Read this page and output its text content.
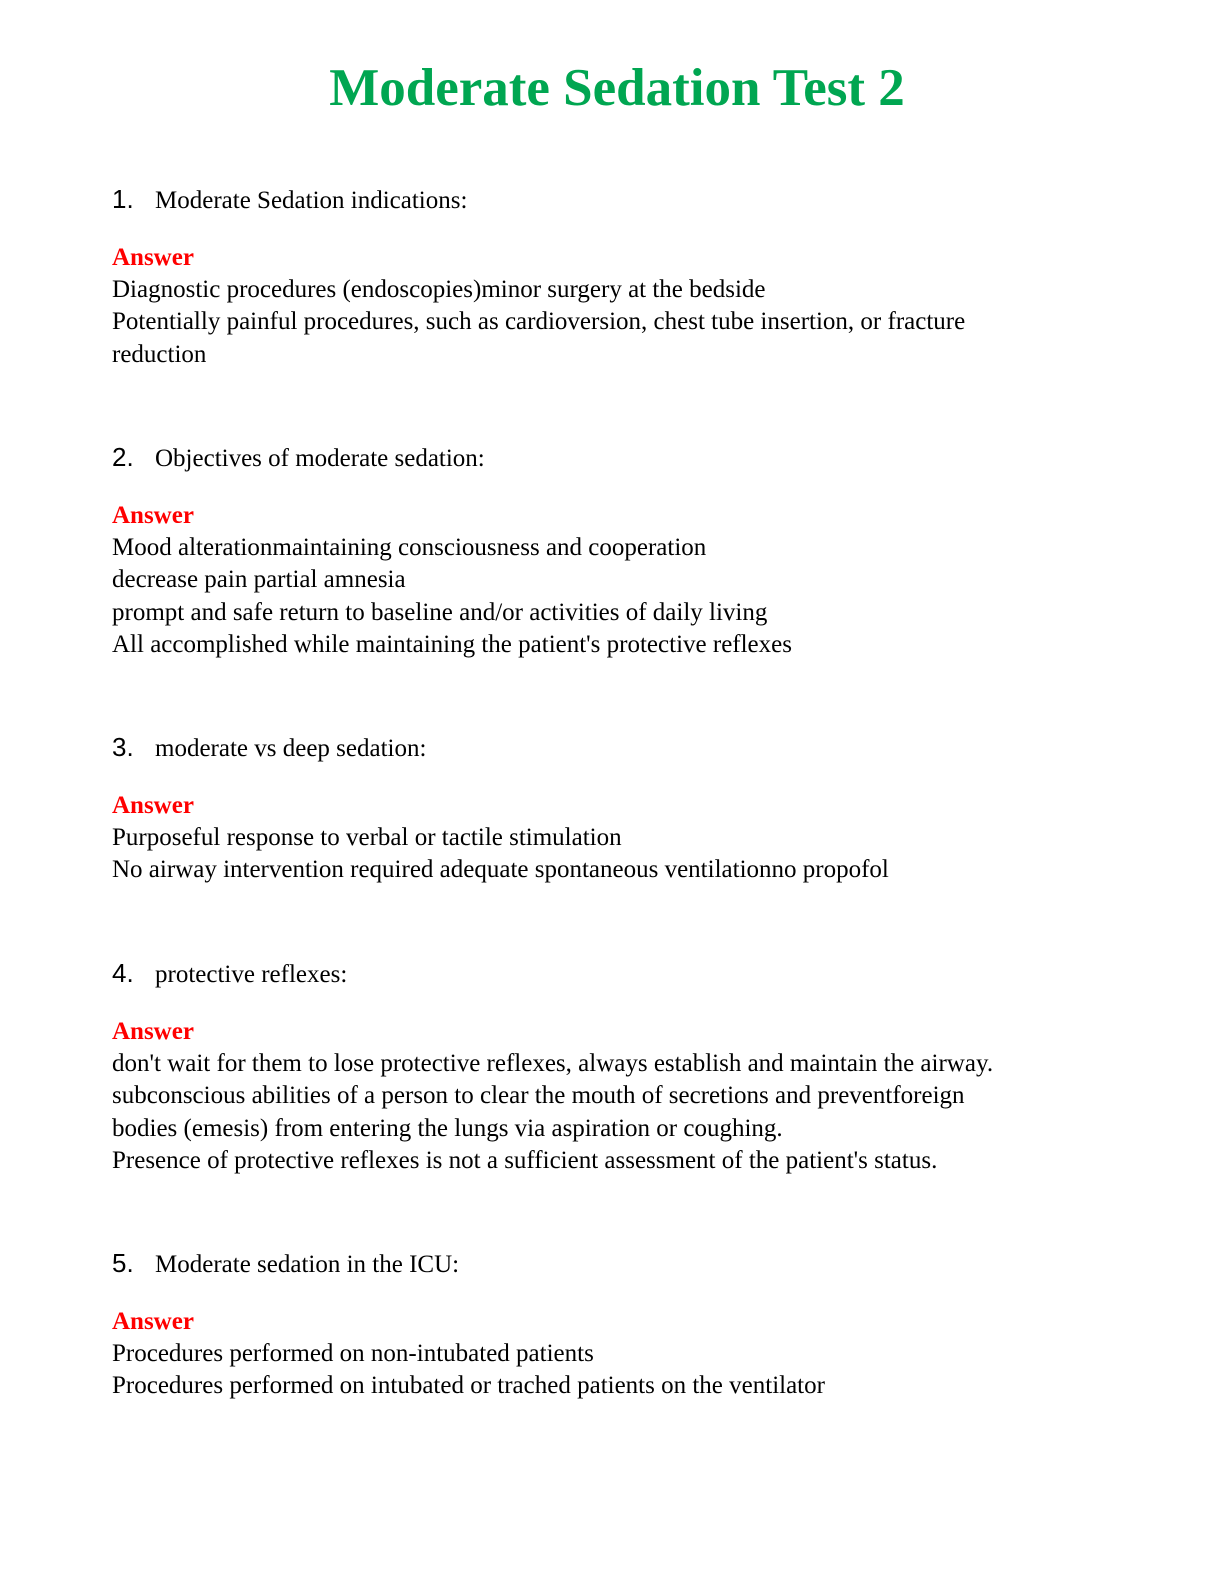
Moderate Sedation Test 2
1. Moderate Sedation indications:
Answer
Diagnostic procedures (endoscopies)minor surgery at the bedside
Potentially painful procedures, such as cardioversion, chest tube insertion, or fracture
reduction
2. Objectives of moderate sedation:
Answer
Mood alterationmaintaining consciousness and cooperation
decrease pain partial amnesia
prompt and safe return to baseline and/or activities of daily living
All accomplished while maintaining the patient's protective reflexes
3. moderate vs deep sedation:
Answer
Purposeful response to verbal or tactile stimulation
No airway intervention required adequate spontaneous ventilationno propofol
4. protective reflexes:
Answer
don't wait for them to lose protective reflexes, always establish and maintain the airway.
subconscious abilities of a person to clear the mouth of secretions and preventforeign
bodies (emesis) from entering the lungs via aspiration or coughing.
Presence of protective reflexes is not a sufficient assessment of the patient's status.
5. Moderate sedation in the ICU:
Answer
Procedures performed on non-intubated patients
Procedures performed on intubated or trached patients on the ventilator
